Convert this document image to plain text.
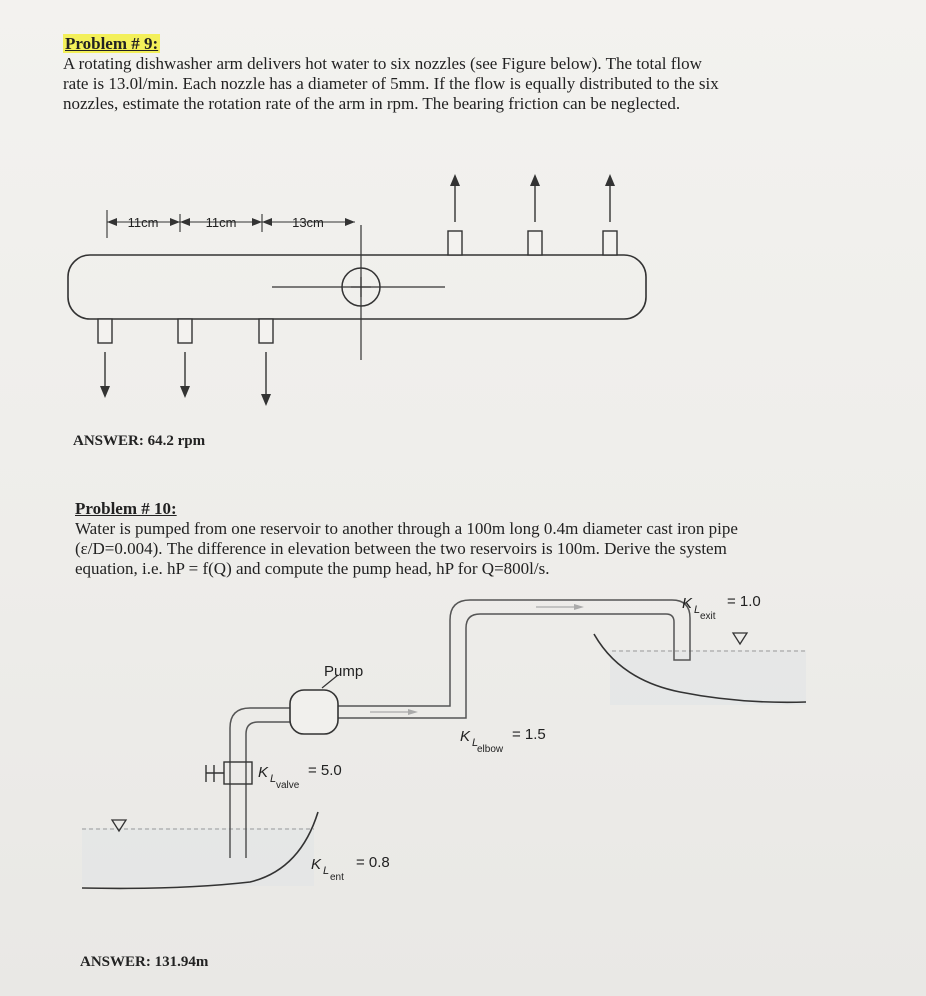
Problem # 9:
A rotating dishwasher arm delivers hot water to six nozzles (see Figure below). The total flow
rate is 13.0l/min. Each nozzle has a diameter of 5mm. If the flow is equally distributed to the six
nozzles, estimate the rotation rate of the arm in rpm. The bearing friction can be neglected.
11cm	11cm	13cm
ANSWER: 64.2 rpm
Problem # 10:
Water is pumped from one reservoir to another through a 100m long 0.4m diameter cast iron pipe
(ε/D=0.004). The difference in elevation between the two reservoirs is 100m. Derive the system
equation, i.e. hP = f(Q) and compute the pump head, hP for Q=800l/s.
Pump
K L
valve
= 5.0
K L
elbow
= 1.5
K L
exit
= 1.0
K L
ent
= 0.8
ANSWER: 131.94m
